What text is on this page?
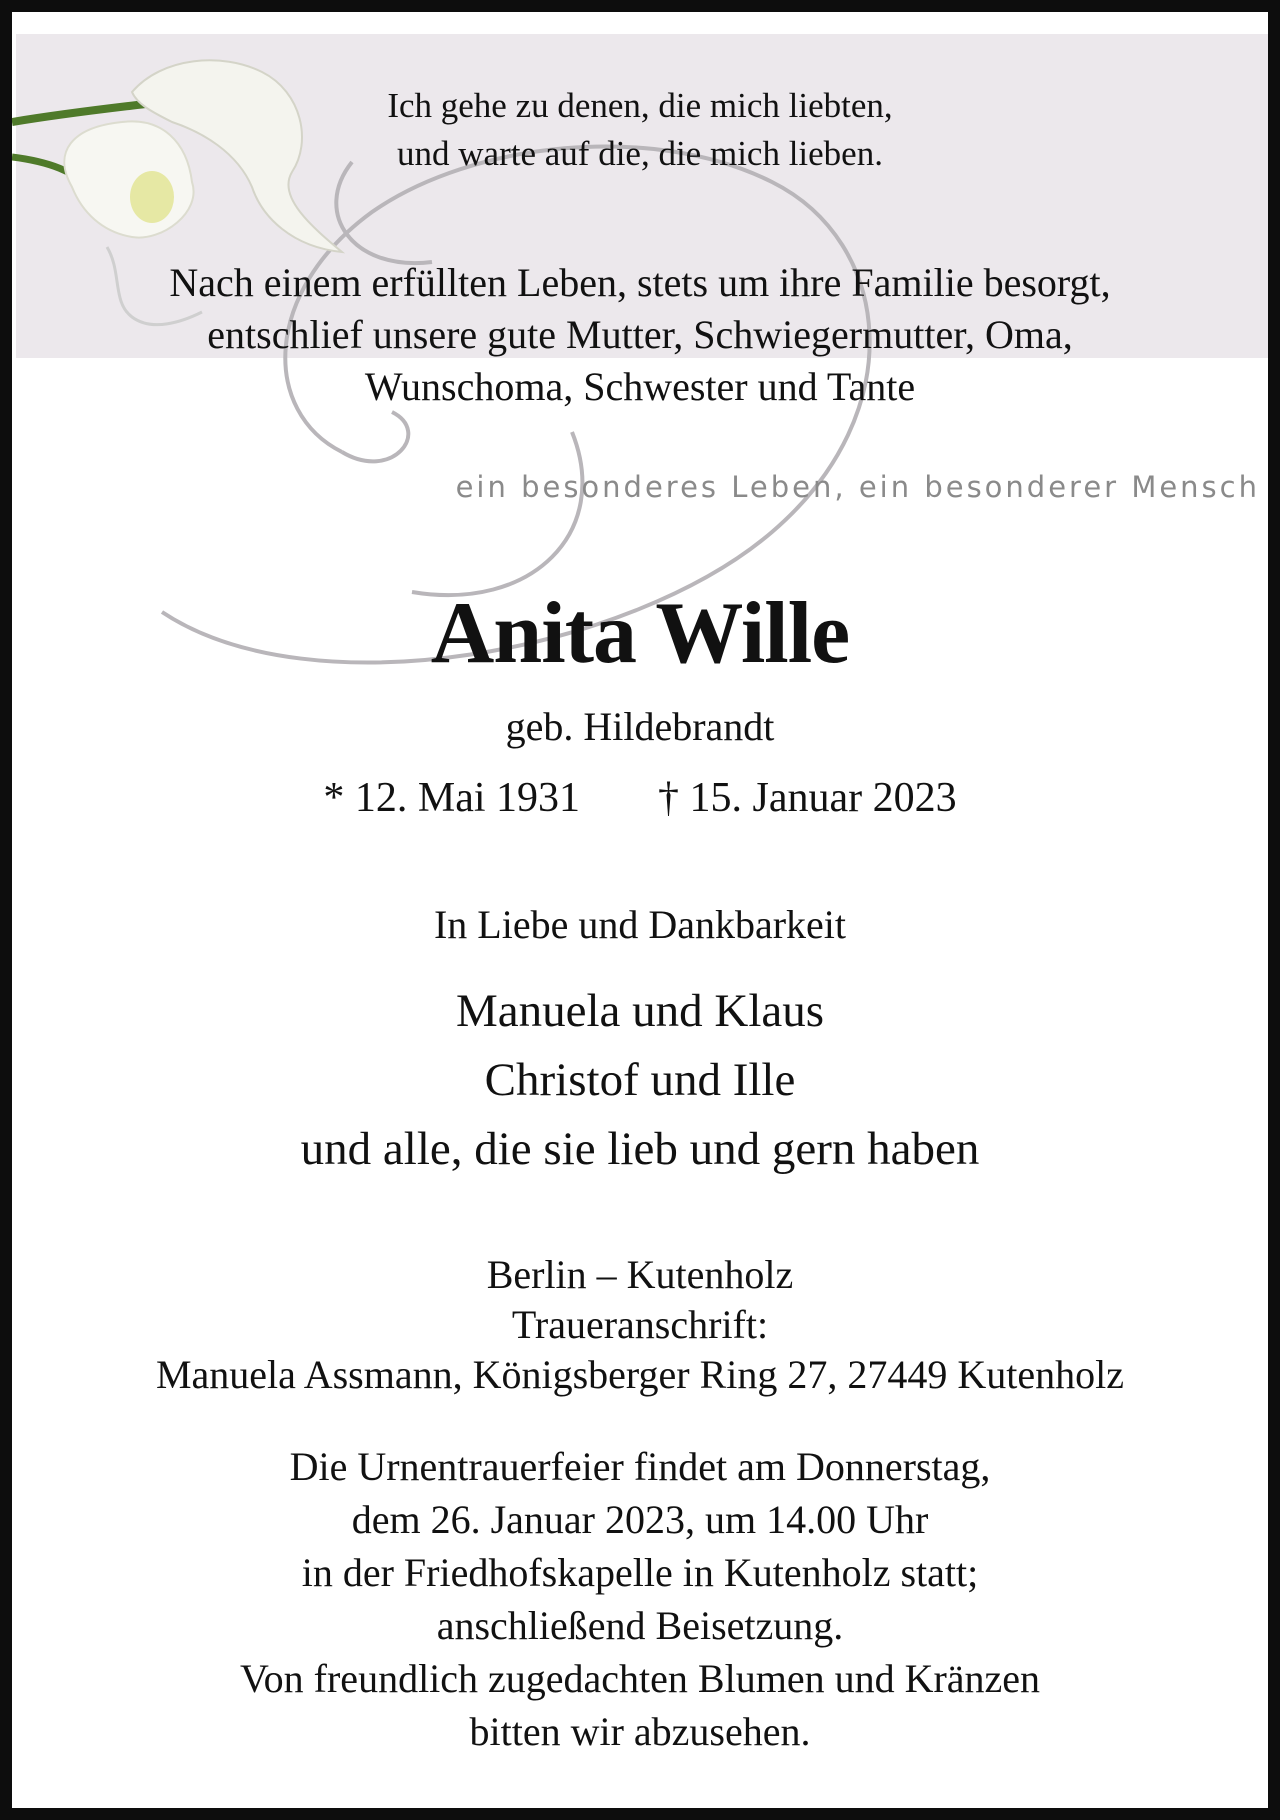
Ich gehe zu denen, die mich liebten,
und warte auf die, die mich lieben.
Nach einem erfüllten Leben, stets um ihre Familie besorgt,
entschlief unsere gute Mutter, Schwiegermutter, Oma,
Wunschoma, Schwester und Tante

ein besonderes Leben, ein besonderer Mensch

Anita Wille

geb. Hildebrandt

* 12. Mai 1931 † 15. Januar 2023

In Liebe und Dankbarkeit

Manuela und Klaus
Christof und Ille
und alle, die sie lieb und gern haben
Berlin – Kutenholz
Traueranschrift:
Manuela Assmann, Königsberger Ring 27, 27449 Kutenholz
Die Urnentrauerfeier findet am Donnerstag,
dem 26. Januar 2023, um 14.00 Uhr
in der Friedhofskapelle in Kutenholz statt;
anschließend Beisetzung.
Von freundlich zugedachten Blumen und Kränzen
bitten wir abzusehen.
